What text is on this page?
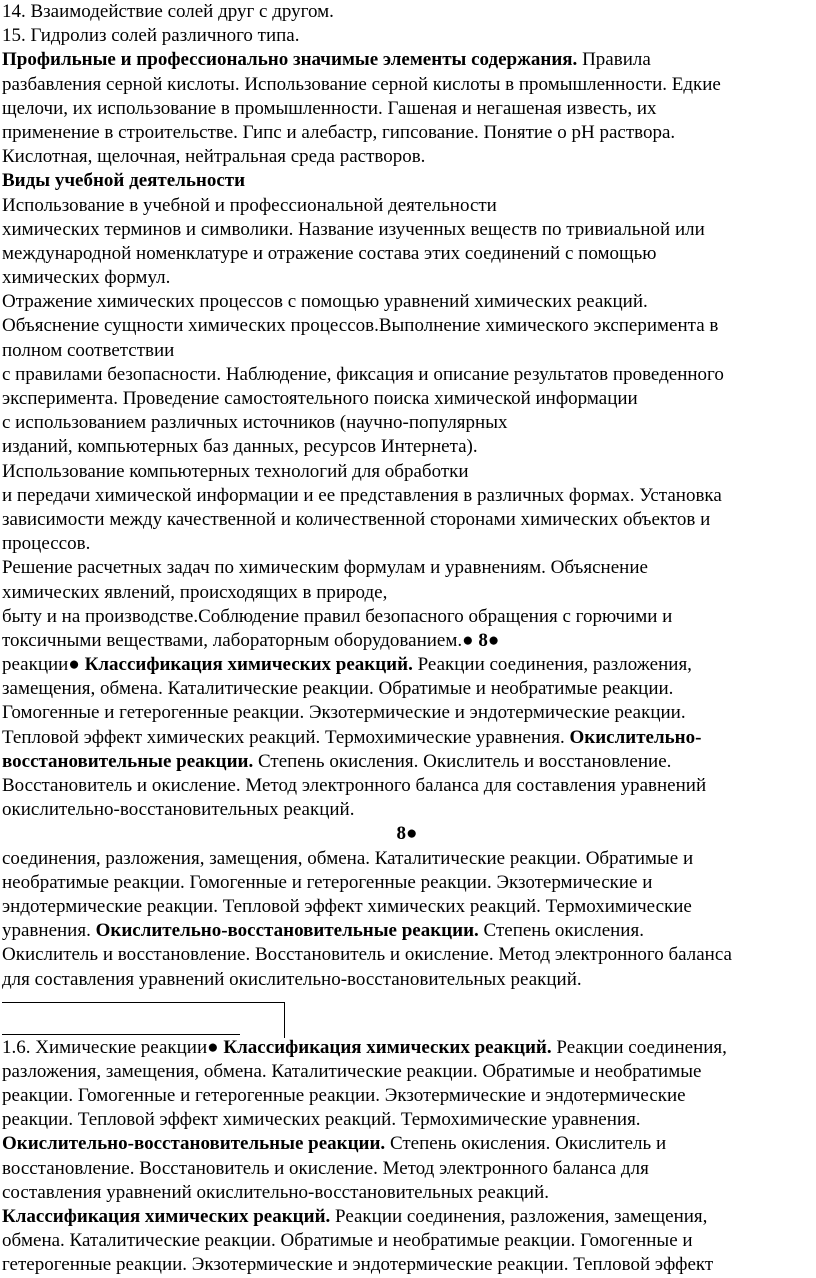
14. Взаимодействие солей друг с другом.
15. Гидролиз солей различного типа.
Профильные и профессионально значимые элементы содержания. Правила
разбавления серной кислоты. Использование серной кислоты в промышленности. Едкие
щелочи, их использование в промышленности. Гашеная и негашеная известь, их
применение в строительстве. Гипс и алебастр, гипсование. Понятие о pH раствора.
Кислотная, щелочная, нейтральная среда растворов.
Виды учебной деятельности
Использование в учебной и профессиональной деятельности
химических терминов и символики. Название изученных веществ по тривиальной или
международной номенклатуре и отражение состава этих соединений с помощью
химических формул.
Отражение химических процессов с помощью уравнений химических реакций.
Объяснение сущности химических процессов.Выполнение химического эксперимента в
полном соответствии
с правилами безопасности. Наблюдение, фиксация и описание результатов проведенного
эксперимента. Проведение самостоятельного поиска химической информации
с использованием различных источников (научно-популярных
изданий, компьютерных баз данных, ресурсов Интернета).
Использование компьютерных технологий для обработки
и передачи химической информации и ее представления в различных формах. Установка
зависимости между качественной и количественной сторонами химических объектов и
процессов.
Решение расчетных задач по химическим формулам и уравнениям. Объяснение
химических явлений, происходящих в природе,
быту и на производстве.Соблюдение правил безопасного обращения с горючими и
токсичными веществами, лабораторным оборудованием.● 8●
реакции● Классификация химических реакций. Реакции соединения, разложения,
замещения, обмена. Каталитические реакции. Обратимые и необратимые реакции.
Гомогенные и гетерогенные реакции. Экзотермические и эндотермические реакции.
Тепловой эффект химических реакций. Термохимические уравнения. Окислительно-
восстановительные реакции. Степень окисления. Окислитель и восстановление.
Восстановитель и окисление. Метод электронного баланса для составления уравнений
окислительно-восстановительных реакций.
8●
соединения, разложения, замещения, обмена. Каталитические реакции. Обратимые и
необратимые реакции. Гомогенные и гетерогенные реакции. Экзотермические и
эндотермические реакции. Тепловой эффект химических реакций. Термохимические
уравнения. Окислительно-восстановительные реакции. Степень окисления.
Окислитель и восстановление. Восстановитель и окисление. Метод электронного баланса
для составления уравнений окислительно-восстановительных реакций.
1.6. Химические реакции● Классификация химических реакций. Реакции соединения,
разложения, замещения, обмена. Каталитические реакции. Обратимые и необратимые
реакции. Гомогенные и гетерогенные реакции. Экзотермические и эндотермические
реакции. Тепловой эффект химических реакций. Термохимические уравнения.
Окислительно-восстановительные реакции. Степень окисления. Окислитель и
восстановление. Восстановитель и окисление. Метод электронного баланса для
составления уравнений окислительно-восстановительных реакций.
Классификация химических реакций. Реакции соединения, разложения, замещения,
обмена. Каталитические реакции. Обратимые и необратимые реакции. Гомогенные и
гетерогенные реакции. Экзотермические и эндотермические реакции. Тепловой эффект
